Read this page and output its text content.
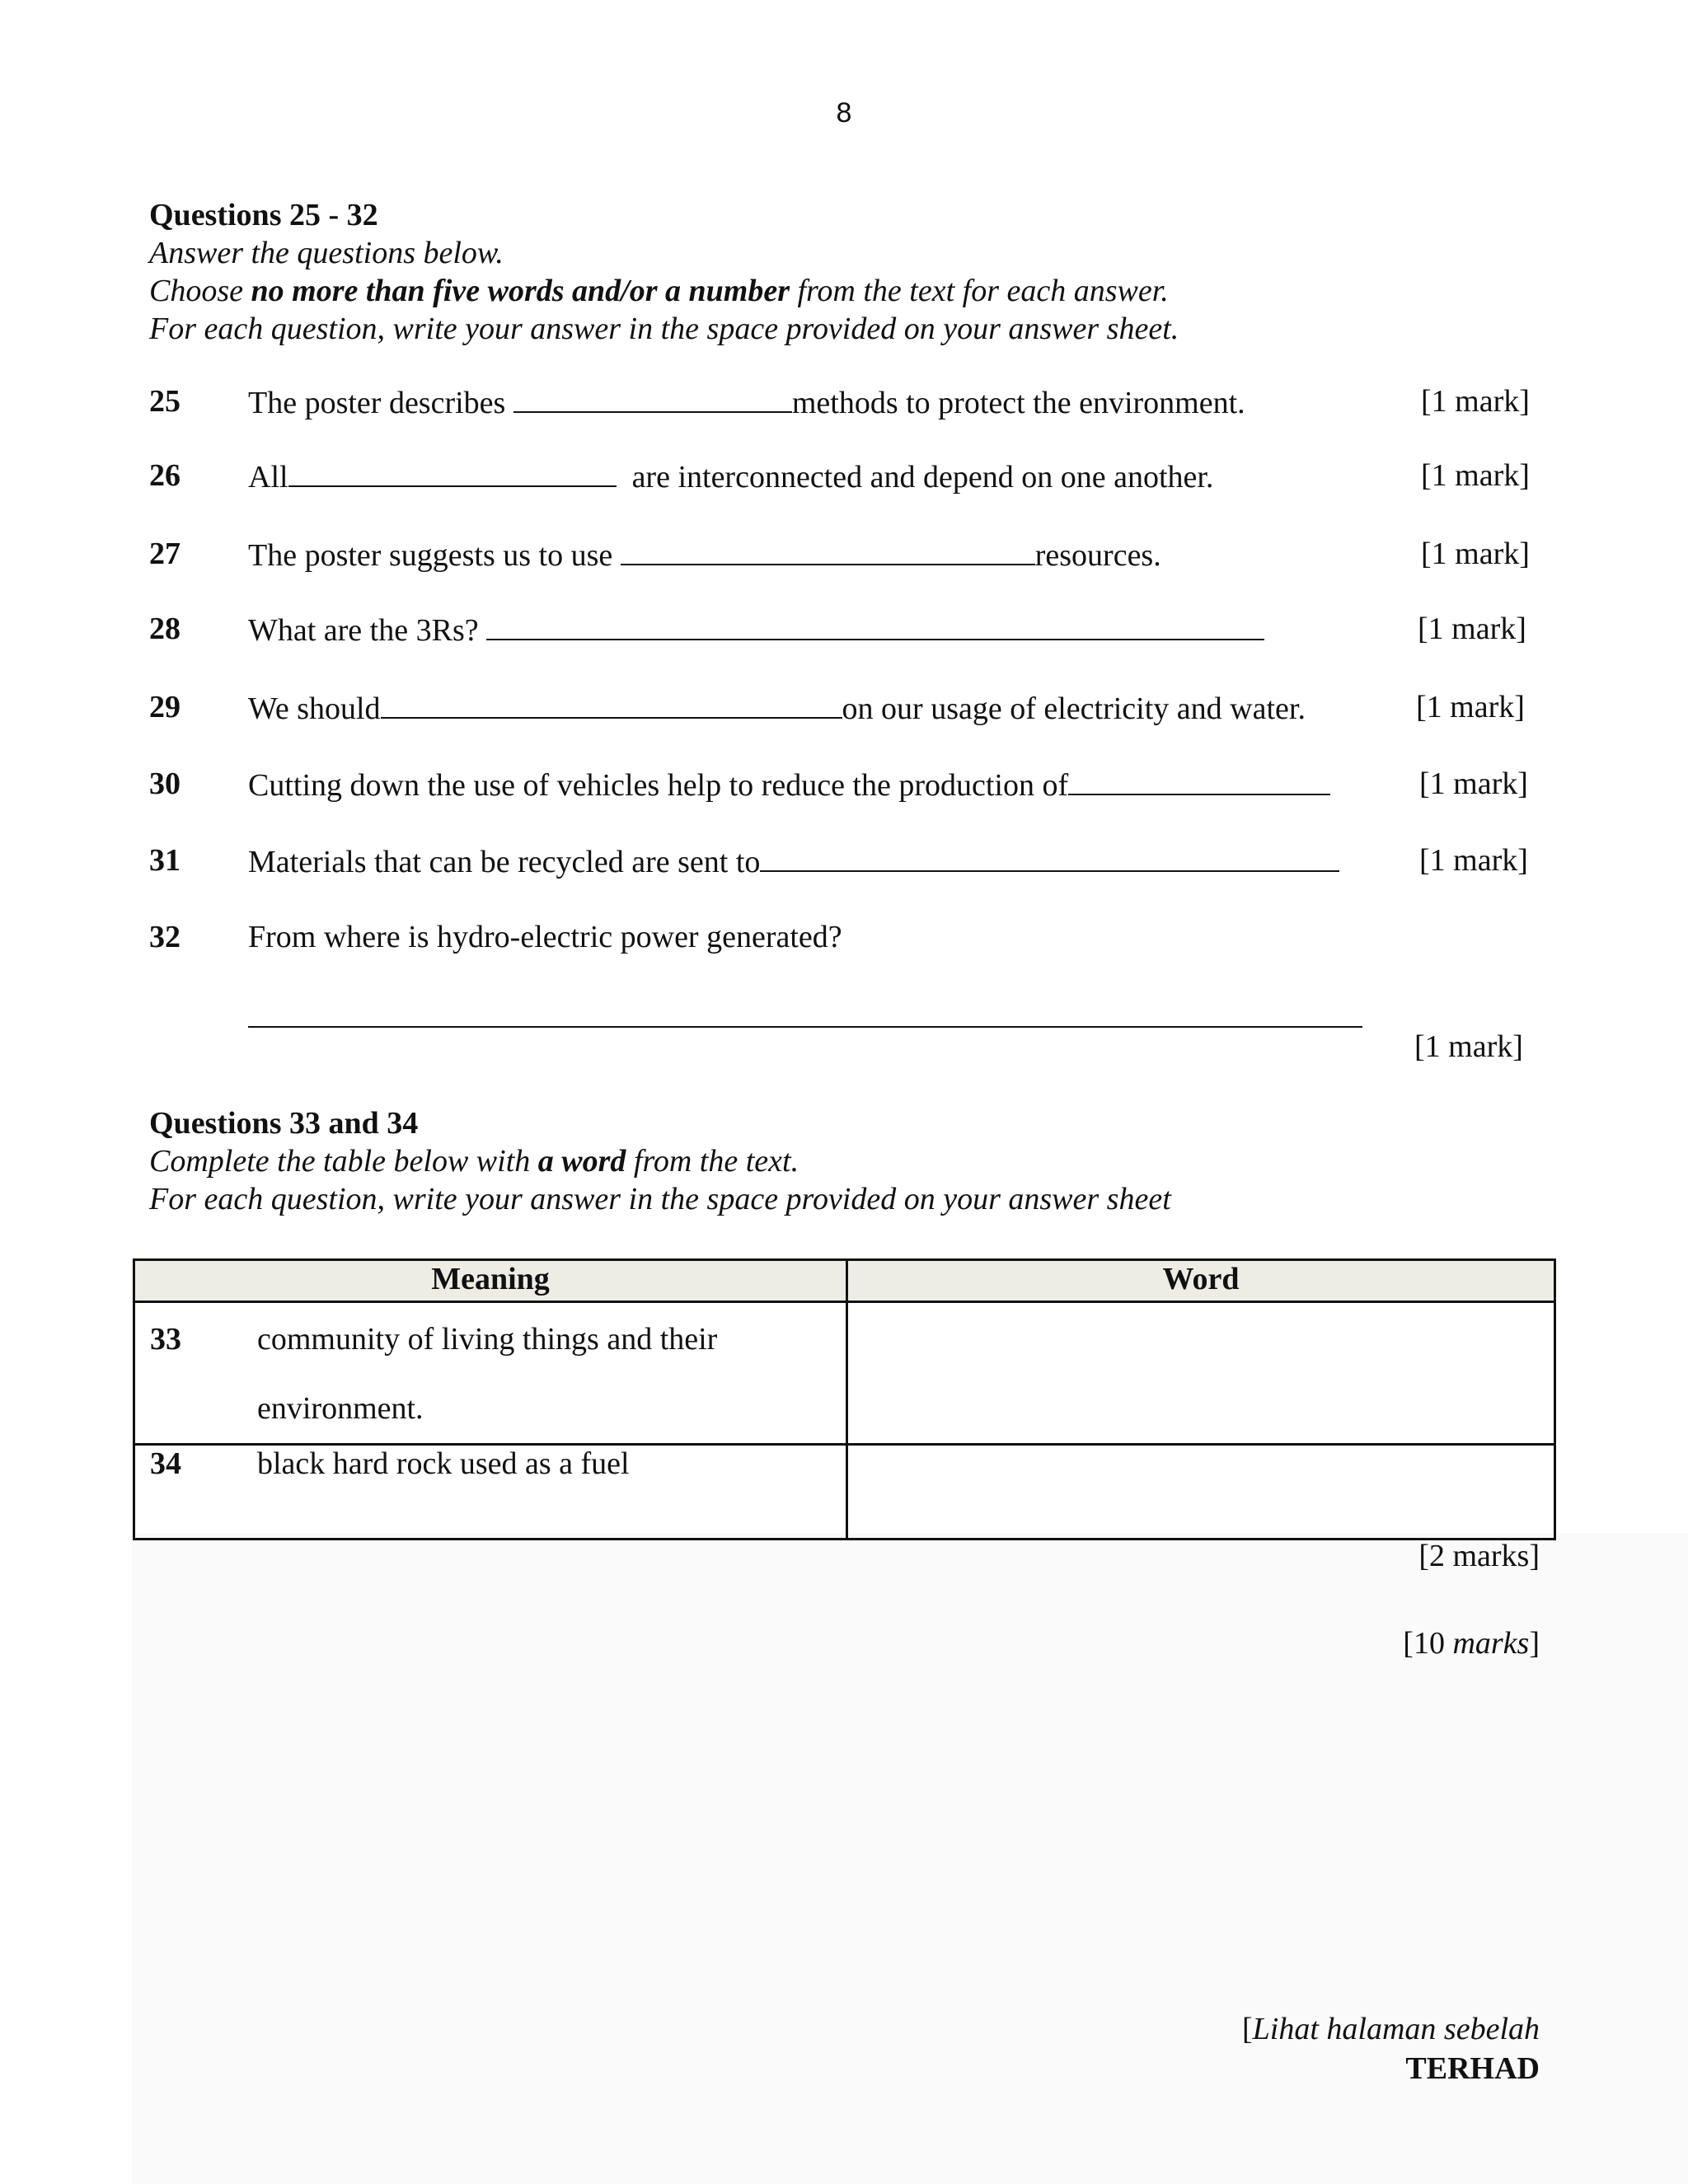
8
Questions 25 - 32
Answer the questions below.
Choose no more than five words and/or a number from the text for each answer.
For each question, write your answer in the space provided on your answer sheet.
25 The poster describes	methods to protect the environment.	[1 mark]
26 All	are interconnected and depend on one another.	[1 mark]
27 The poster suggests us to use	resources.	[1 mark]
28 What are the 3Rs?	[1 mark]
29 We should	on our usage of electricity and water.	[1 mark]
30 Cutting down the use of vehicles help to reduce the production of	[1 mark]
31 Materials that can be recycled are sent to	[1 mark]
32 From where is hydro-electric power generated?
[1 mark]
Questions 33 and 34
Complete the table below with a word from the text.
For each question, write your answer in the space provided on your answer sheet
Meaning	Word

33 community of living things and their
environment.	

34 black hard rock used as a fuel	

[2 marks]
[10 marks]
[Lihat halaman sebelah
TERHAD
